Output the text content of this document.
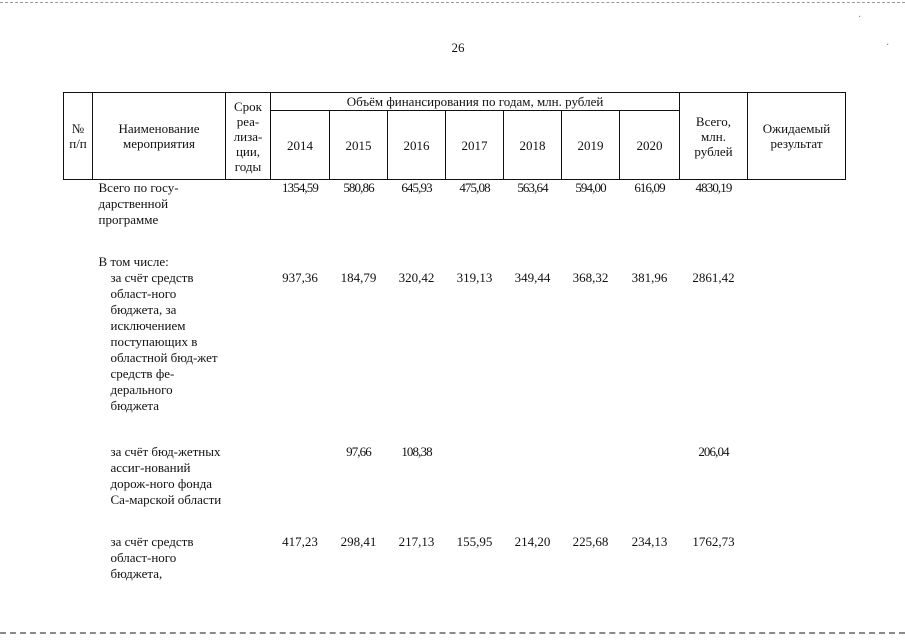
·
·
26
№ п/п	Наименование мероприятия	Срок реа-лиза-ции, годы	Объём финансирования по годам, млн. рублей							Всего, млн. рублей	Ожидаемый результат
			2014	2015	2016	2017	2018	2019	2020		
	Всего по госу-дарственной программе		1354,59	580,86	645,93	475,08	563,64	594,00	616,09	4830,19	

	В том числе:										
	за счёт средств област-ного бюджета, за исключением поступающих в областной бюд-жет средств фе-дерального бюджета		937,36	184,79	320,42	319,13	349,44	368,32	381,96	2861,42	

	за счёт бюд-жетных ассиг-нований дорож-ного фонда Са-марской области			97,66	108,38					206,04	

	за счёт средств област-ного бюджета,		417,23	298,41	217,13	155,95	214,20	225,68	234,13	1762,73	
